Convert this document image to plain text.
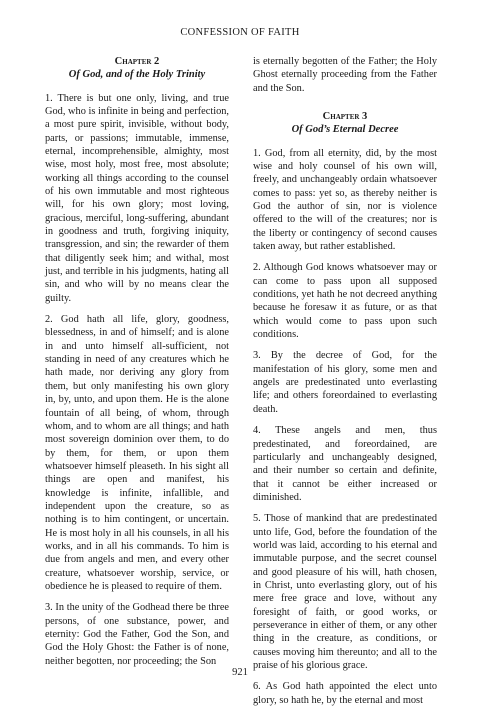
CONFESSION OF FAITH
Chapter 2
Of God, and of the Holy Trinity

1. There is but one only, living, and true God, who is infinite in being and perfection, a most pure spirit, invisible, without body, parts, or passions; immutable, immense, eternal, incomprehensible, almighty, most wise, most holy, most free, most absolute; working all things according to the counsel of his own immutable and most righteous will, for his own glory; most loving, gracious, merciful, long-suffering, abundant in goodness and truth, forgiving iniquity, transgression, and sin; the rewarder of them that diligently seek him; and withal, most just, and terrible in his judgments, hating all sin, and who will by no means clear the guilty.

2. God hath all life, glory, goodness, blessedness, in and of himself; and is alone in and unto himself all-sufficient, not standing in need of any creatures which he hath made, nor deriving any glory from them, but only manifesting his own glory in, by, unto, and upon them. He is the alone fountain of all being, of whom, through whom, and to whom are all things; and hath most sovereign dominion over them, to do by them, for them, or upon them whatsoever himself pleaseth. In his sight all things are open and manifest, his knowledge is infinite, infallible, and independent upon the creature, so as nothing is to him contingent, or uncertain. He is most holy in all his counsels, in all his works, and in all his commands. To him is due from angels and men, and every other creature, whatsoever worship, service, or obedience he is pleased to require of them.

3. In the unity of the Godhead there be three persons, of one substance, power, and eternity: God the Father, God the Son, and God the Holy Ghost: the Father is of none, neither begotten, nor proceeding; the Son

is eternally begotten of the Father; the Holy Ghost eternally proceeding from the Father and the Son.

Chapter 3
Of God’s Eternal Decree

1. God, from all eternity, did, by the most wise and holy counsel of his own will, freely, and unchangeably ordain whatsoever comes to pass: yet so, as thereby neither is God the author of sin, nor is violence offered to the will of the creatures; nor is the liberty or contingency of second causes taken away, but rather established.

2. Although God knows whatsoever may or can come to pass upon all supposed conditions, yet hath he not decreed anything because he foresaw it as future, or as that which would come to pass upon such conditions.

3. By the decree of God, for the manifestation of his glory, some men and angels are predestinated unto everlasting life; and others foreordained to everlasting death.

4. These angels and men, thus predestinated, and foreordained, are particularly and unchangeably designed, and their number so certain and definite, that it cannot be either increased or diminished.

5. Those of mankind that are predestinated unto life, God, before the foundation of the world was laid, according to his eternal and immutable purpose, and the secret counsel and good pleasure of his will, hath chosen, in Christ, unto everlasting glory, out of his mere free grace and love, without any foresight of faith, or good works, or perseverance in either of them, or any other thing in the creature, as conditions, or causes moving him thereunto; and all to the praise of his glorious grace.

6. As God hath appointed the elect unto glory, so hath he, by the eternal and most

921
